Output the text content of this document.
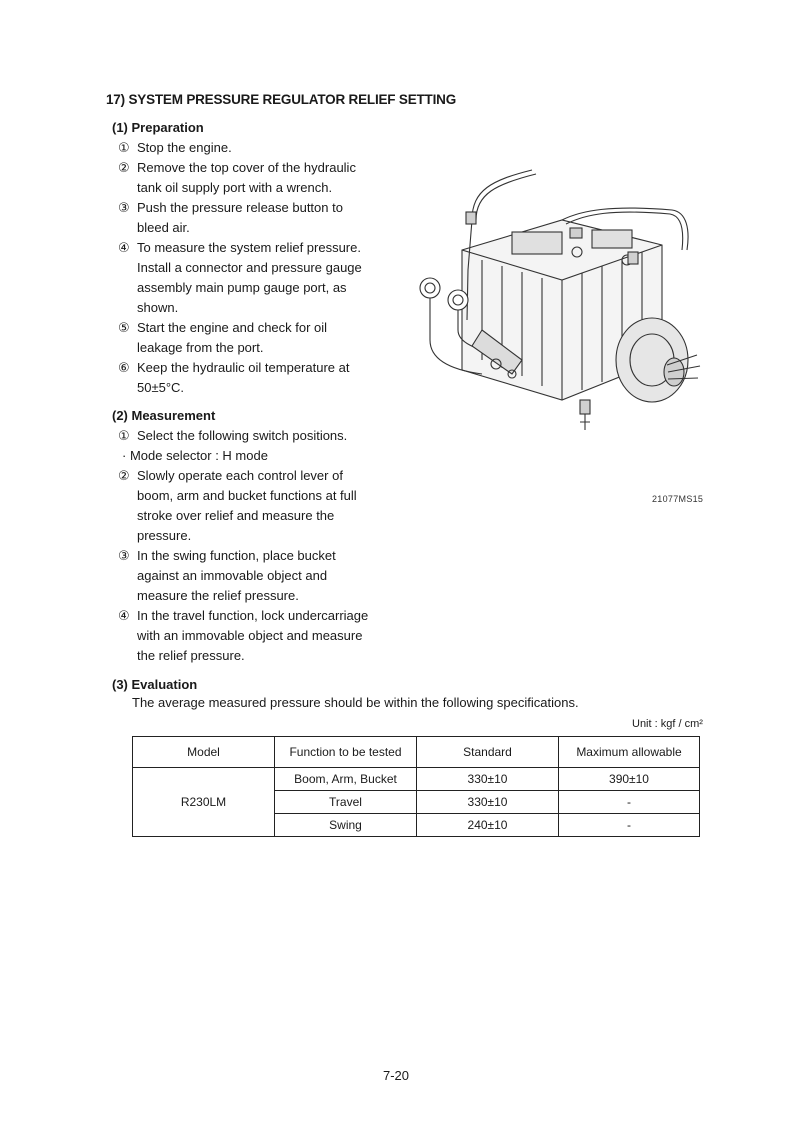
17) SYSTEM PRESSURE REGULATOR RELIEF SETTING
(1) Preparation
① Stop the engine.
② Remove the top cover of the hydraulic
tank oil supply port with a wrench.
③ Push the pressure release button to
bleed air.
④ To measure the system relief pressure.
Install a connector and pressure gauge
assembly main pump gauge port, as
shown.
⑤ Start the engine and check for oil
leakage from the port.
⑥ Keep the hydraulic oil temperature at
50±5°C.
(2) Measurement
① Select the following switch positions.
· Mode selector : H mode
② Slowly operate each control lever of
boom, arm and bucket functions at full
stroke over relief and measure the
pressure.
③ In the swing function, place bucket
against an immovable object and
measure the relief pressure.
④ In the travel function, lock undercarriage
with an immovable object and measure
the relief pressure.
21077MS15
(3) Evaluation
The average measured pressure should be within the following specifications.
Unit : kgf / cm²
Model	Function to be tested	Standard	Maximum allowable
R230LM	Boom, Arm, Bucket	330±10	390±10
	Travel	330±10	-
	Swing	240±10	-
7-20
